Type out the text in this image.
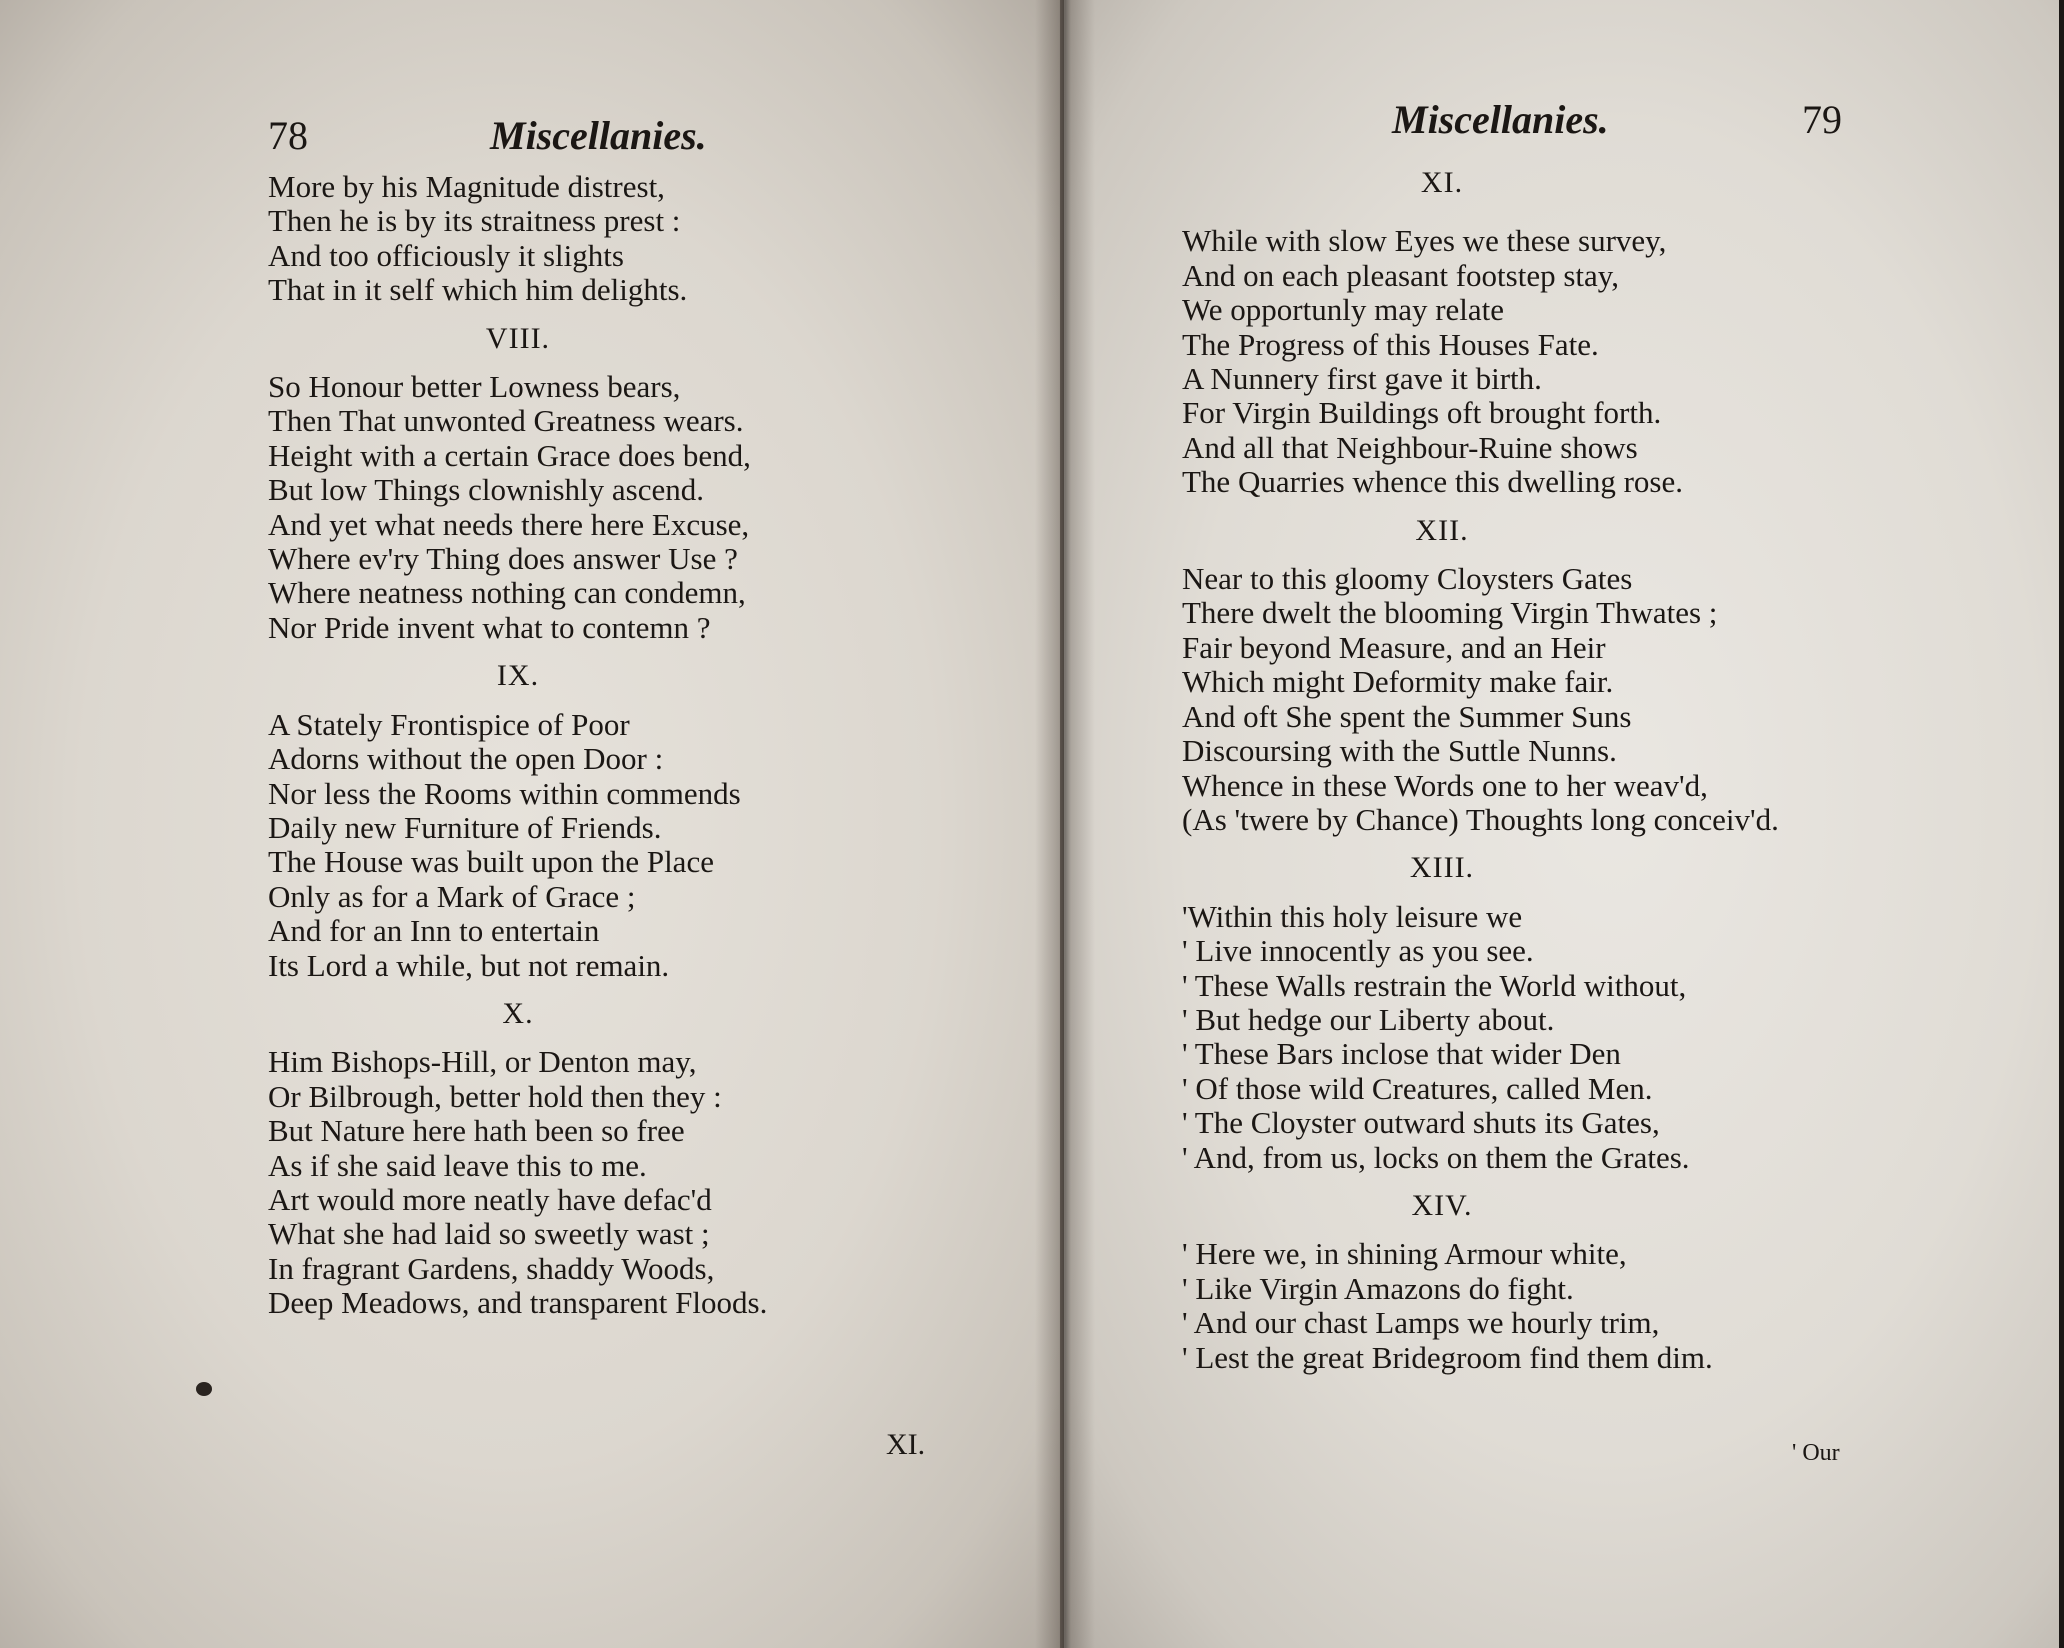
78	Miscellanies.
More by his Magnitude distrest,
Then he is by its straitness prest :
And too officiously it slights
That in it self which him delights.
VIII.
So Honour better Lowness bears,
Then That unwonted Greatness wears.
Height with a certain Grace does bend,
But low Things clownishly ascend.
And yet what needs there here Excuse,
Where ev'ry Thing does answer Use ?
Where neatness nothing can condemn,
Nor Pride invent what to contemn ?
IX.
A Stately Frontispice of Poor
Adorns without the open Door :
Nor less the Rooms within commends
Daily new Furniture of Friends.
The House was built upon the Place
Only as for a Mark of Grace ;
And for an Inn to entertain
Its Lord a while, but not remain.
X.
Him Bishops-Hill, or Denton may,
Or Bilbrough, better hold then they :
But Nature here hath been so free
As if she said leave this to me.
Art would more neatly have defac'd
What she had laid so sweetly wast ;
In fragrant Gardens, shaddy Woods,
Deep Meadows, and transparent Floods.
XI.
Miscellanies.	79
XI.
While with slow Eyes we these survey,
And on each pleasant footstep stay,
We opportunly may relate
The Progress of this Houses Fate.
A Nunnery first gave it birth.
For Virgin Buildings oft brought forth.
And all that Neighbour-Ruine shows
The Quarries whence this dwelling rose.
XII.
Near to this gloomy Cloysters Gates
There dwelt the blooming Virgin Thwates ;
Fair beyond Measure, and an Heir
Which might Deformity make fair.
And oft She spent the Summer Suns
Discoursing with the Suttle Nunns.
Whence in these Words one to her weav'd,
(As 'twere by Chance) Thoughts long conceiv'd.
XIII.
'Within this holy leisure we
' Live innocently as you see.
' These Walls restrain the World without,
' But hedge our Liberty about.
' These Bars inclose that wider Den
' Of those wild Creatures, called Men.
' The Cloyster outward shuts its Gates,
' And, from us, locks on them the Grates.
XIV.
' Here we, in shining Armour white,
' Like Virgin Amazons do fight.
' And our chast Lamps we hourly trim,
' Lest the great Bridegroom find them dim.
' Our
